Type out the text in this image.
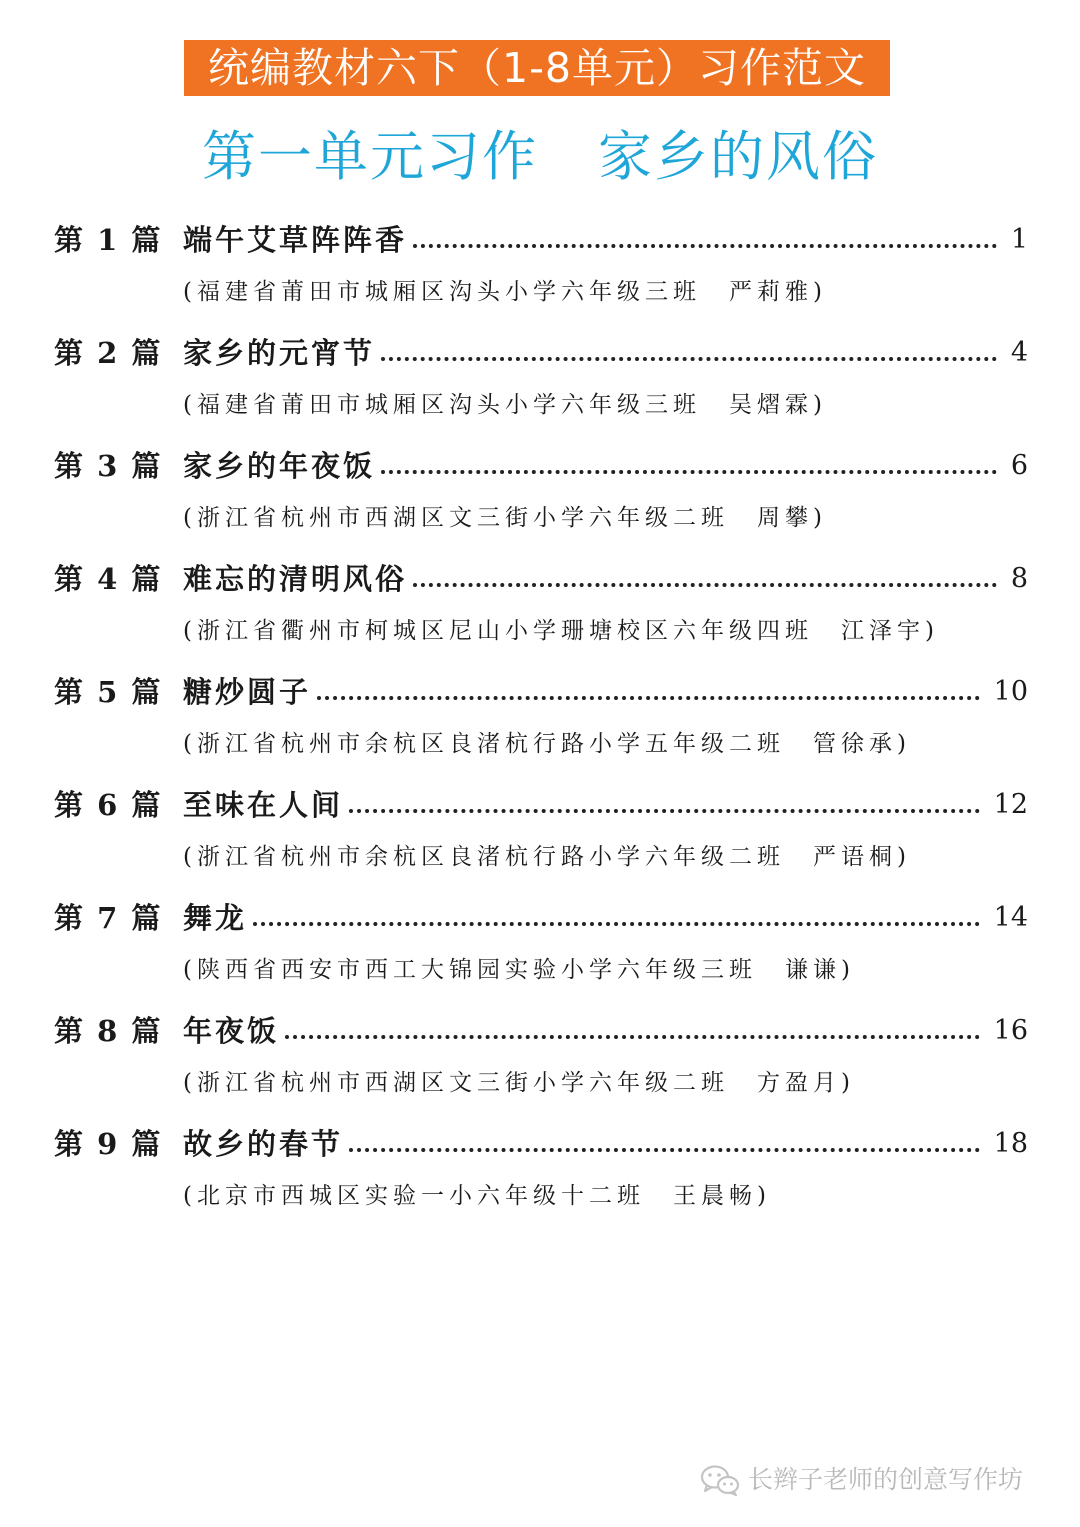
统编教材六下（1-8单元）习作范文
第一单元习作 家乡的风俗
第 1 篇 端午艾草阵阵香	1
(福建省莆田市城厢区沟头小学六年级三班　严莉雅)
第 2 篇 家乡的元宵节	4
(福建省莆田市城厢区沟头小学六年级三班　吴熠霖)
第 3 篇 家乡的年夜饭	6
(浙江省杭州市西湖区文三街小学六年级二班　周攀)
第 4 篇 难忘的清明风俗	8
(浙江省衢州市柯城区尼山小学珊塘校区六年级四班　江泽宇)
第 5 篇 糖炒圆子	10
(浙江省杭州市余杭区良渚杭行路小学五年级二班　管徐承)
第 6 篇 至味在人间	12
(浙江省杭州市余杭区良渚杭行路小学六年级二班　严语桐)
第 7 篇 舞龙	14
(陕西省西安市西工大锦园实验小学六年级三班　谦谦)
第 8 篇 年夜饭	16
(浙江省杭州市西湖区文三街小学六年级二班　方盈月)
第 9 篇 故乡的春节	18
(北京市西城区实验一小六年级十二班　王晨畅)
长辫子老师的创意写作坊
